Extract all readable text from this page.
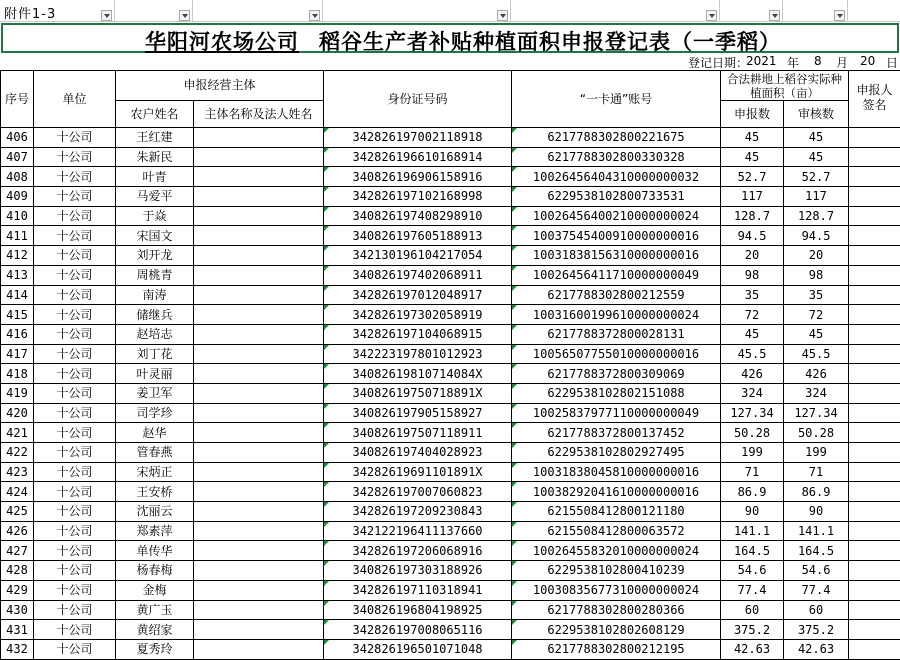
附件1-3
华阳河农场公司 稻谷生产者补贴种植面积申报登记表（一季稻）
登记日期：
2021 年 8 月 20 日
序号	单位	申报经营主体		身份证号码	“一卡通”账号	合法耕地上稻谷实际种植面积（亩）		申报人签名
		农户姓名	主体名称及法人姓名			申报数	审核数	
406	十公司	王红建		342826197002118918	6217788302800221675	45	45	
407	十公司	朱新民		342826196610168914	6217788302800330328	45	45	
408	十公司	叶青		340826196906158916	10026456404310000000032	52.7	52.7	
409	十公司	马爱平		342826197102168998	6229538102800733531	117	117	
410	十公司	于焱		340826197408298910	10026456400210000000024	128.7	128.7	
411	十公司	宋国文		340826197605188913	10037545400910000000016	94.5	94.5	
412	十公司	刘开龙		342130196104217054	10031838156310000000016	20	20	
413	十公司	周桃青		340826197402068911	10026456411710000000049	98	98	
414	十公司	南涛		342826197012048917	6217788302800212559	35	35	
415	十公司	储继兵		342826197302058919	10031600199610000000024	72	72	
416	十公司	赵培志		342826197104068915	6217788372800028131	45	45	
417	十公司	刘丁花		342223197801012923	10056507755010000000016	45.5	45.5	
418	十公司	叶灵丽		34082619810714084X	6217788372800309069	426	426	
419	十公司	姜卫军		34082619750718891X	6229538102802151088	324	324	
420	十公司	司学珍		340826197905158927	10025837977110000000049	127.34	127.34	
421	十公司	赵华		340826197507118911	6217788372800137452	50.28	50.28	
422	十公司	管春燕		340826197404028923	6229538102802927495	199	199	
423	十公司	宋炳正		34282619691101891X	10031838045810000000016	71	71	
424	十公司	王安桥		342826197007060823	10038292041610000000016	86.9	86.9	
425	十公司	沈丽云		342826197209230843	6215508412800121180	90	90	
426	十公司	郑素萍		342122196411137660	6215508412800063572	141.1	141.1	
427	十公司	单传华		342826197206068916	10026455832010000000024	164.5	164.5	
428	十公司	杨春梅		340826197303188926	6229538102800410239	54.6	54.6	
429	十公司	金梅		342826197110318941	10030835677310000000024	77.4	77.4	
430	十公司	黄广玉		340826196804198925	6217788302800280366	60	60	
431	十公司	黄绍家		342826197008065116	6229538102802608129	375.2	375.2	
432	十公司	夏秀玲		342826196501071048	6217788302800212195	42.63	42.63	
